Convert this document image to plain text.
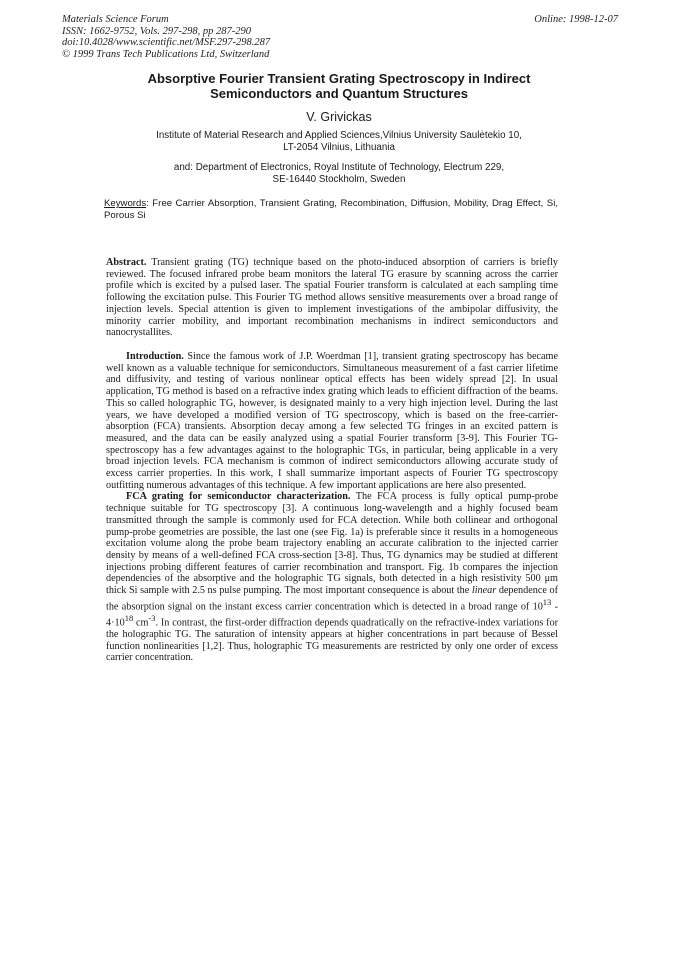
Materials Science Forum
ISSN: 1662-9752, Vols. 297-298, pp 287-290
doi:10.4028/www.scientific.net/MSF.297-298.287
© 1999 Trans Tech Publications Ltd, Switzerland
Online: 1998-12-07
Absorptive Fourier Transient Grating Spectroscopy in Indirect
Semiconductors and Quantum Structures
V. Grivickas
Institute of Material Research and Applied Sciences,Vilnius University Saulėtekio 10,
LT-2054 Vilnius, Lithuania
and: Department of Electronics, Royal Institute of Technology, Electrum 229,
SE-16440 Stockholm, Sweden
Keywords: Free Carrier Absorption, Transient Grating, Recombination, Diffusion, Mobility, Drag Effect, Si, Porous Si

Abstract. Transient grating (TG) technique based on the photo-induced absorption of carriers is briefly reviewed. The focused infrared probe beam monitors the lateral TG erasure by scanning across the carrier profile which is excited by a pulsed laser. The spatial Fourier transform is calculated at each sampling time following the excitation pulse. This Fourier TG method allows sensitive measurements over a broad range of injection levels. Special attention is given to implement investigations of the ambipolar diffusivity, the minority carrier mobility, and important recombination mechanisms in indirect semiconductors and nanocrystallites.

Introduction. Since the famous work of J.P. Woerdman [1], transient grating spectroscopy has became well known as a valuable technique for semiconductors. Simultaneous measurement of a fast carrier lifetime and diffusivity, and testing of various nonlinear optical effects has been widely spread [2]. In usual application, TG method is based on a refractive index grating which leads to efficient diffraction of the beams. This so called holographic TG, however, is designated mainly to a very high injection level. During the last years, we have developed a modified version of TG spectroscopy, which is based on the free-carrier-absorption (FCA) transients. Absorption decay among a few selected TG fringes in an excited pattern is measured, and the data can be easily analyzed using a spatial Fourier transform [3-9]. This Fourier TG-spectroscopy has a few advantages against to the holographic TGs, in particular, being applicable in a very broad injection levels. FCA mechanism is common of indirect semiconductors allowing accurate study of excess carrier properties. In this work, I shall summarize important aspects of Fourier TG spectroscopy outfitting numerous advantages of this technique. A few important applications are here also presented.

FCA grating for semiconductor characterization. The FCA process is fully optical pump-probe technique suitable for TG spectroscopy [3]. A continuous long-wavelength and a highly focused beam transmitted through the sample is commonly used for FCA detection. While both collinear and orthogonal pump-probe geometries are possible, the last one (see Fig. 1a) is preferable since it results in a homogeneous excitation volume along the probe beam trajectory enabling an accurate calibration to the injected carrier density by means of a well-defined FCA cross-section [3-8]. Thus, TG dynamics may be studied at different injections probing different features of carrier recombination and transport. Fig. 1b compares the injection dependencies of the absorptive and the holographic TG signals, both detected in a high resistivity 500 μm thick Si sample with 2.5 ns pulse pumping. The most important consequence is about the linear dependence of the absorption signal on the instant excess carrier concentration which is detected in a broad range of $10^{13} - 4\cdot 10^{18}$ $cm^{-3}$. In contrast, the first-order diffraction depends quadratically on the refractive-index variations for the holographic TG. The saturation of intensity appears at higher concentrations in part because of Bessel function nonlinearities [1,2]. Thus, holographic TG measurements are restricted by only one order of excess carrier concentration.
